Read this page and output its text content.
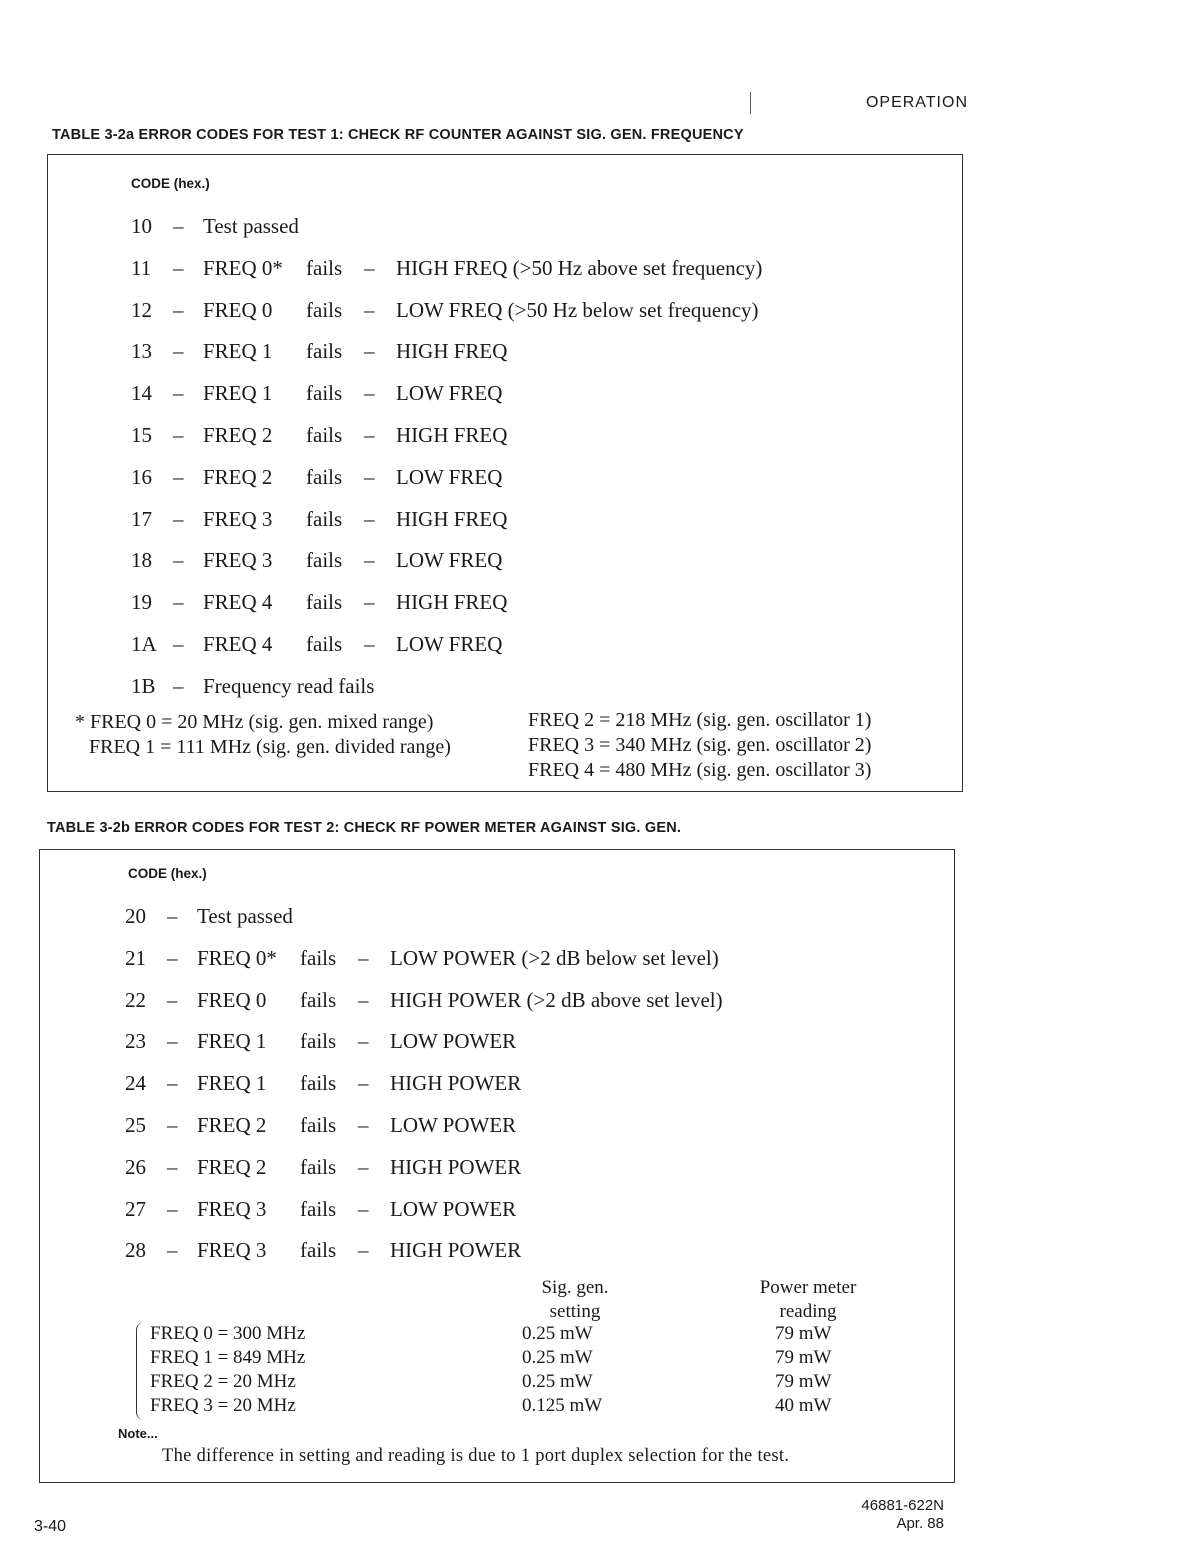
OPERATION
TABLE 3-2a ERROR CODES FOR TEST 1: CHECK RF COUNTER AGAINST SIG. GEN. FREQUENCY
CODE (hex.)
10 – Test passed
11 – FREQ 0* fails – HIGH FREQ (>50 Hz above set frequency)
12 – FREQ 0 fails – LOW FREQ (>50 Hz below set frequency)
13 – FREQ 1 fails – HIGH FREQ
14 – FREQ 1 fails – LOW FREQ
15 – FREQ 2 fails – HIGH FREQ
16 – FREQ 2 fails – LOW FREQ
17 – FREQ 3 fails – HIGH FREQ
18 – FREQ 3 fails – LOW FREQ
19 – FREQ 4 fails – HIGH FREQ
1A – FREQ 4 fails – LOW FREQ
1B – Frequency read fails
* FREQ 0 = 20 MHz (sig. gen. mixed range)
FREQ 1 = 111 MHz (sig. gen. divided range)
FREQ 2 = 218 MHz (sig. gen. oscillator 1)
FREQ 3 = 340 MHz (sig. gen. oscillator 2)
FREQ 4 = 480 MHz (sig. gen. oscillator 3)
TABLE 3-2b ERROR CODES FOR TEST 2: CHECK RF POWER METER AGAINST SIG. GEN.
CODE (hex.)
20 – Test passed
21 – FREQ 0* fails – LOW POWER (>2 dB below set level)
22 – FREQ 0 fails – HIGH POWER (>2 dB above set level)
23 – FREQ 1 fails – LOW POWER
24 – FREQ 1 fails – HIGH POWER
25 – FREQ 2 fails – LOW POWER
26 – FREQ 2 fails – HIGH POWER
27 – FREQ 3 fails – LOW POWER
28 – FREQ 3 fails – HIGH POWER
Sig. gen.
setting
Power meter
reading
FREQ 0 = 300 MHz	0.25 mW	79 mW
FREQ 1 = 849 MHz	0.25 mW	79 mW
FREQ 2 = 20 MHz	0.25 mW	79 mW
FREQ 3 = 20 MHz	0.125 mW	40 mW
Note...
The difference in setting and reading is due to 1 port duplex selection for the test.
3-40
46881-622N
Apr. 88
